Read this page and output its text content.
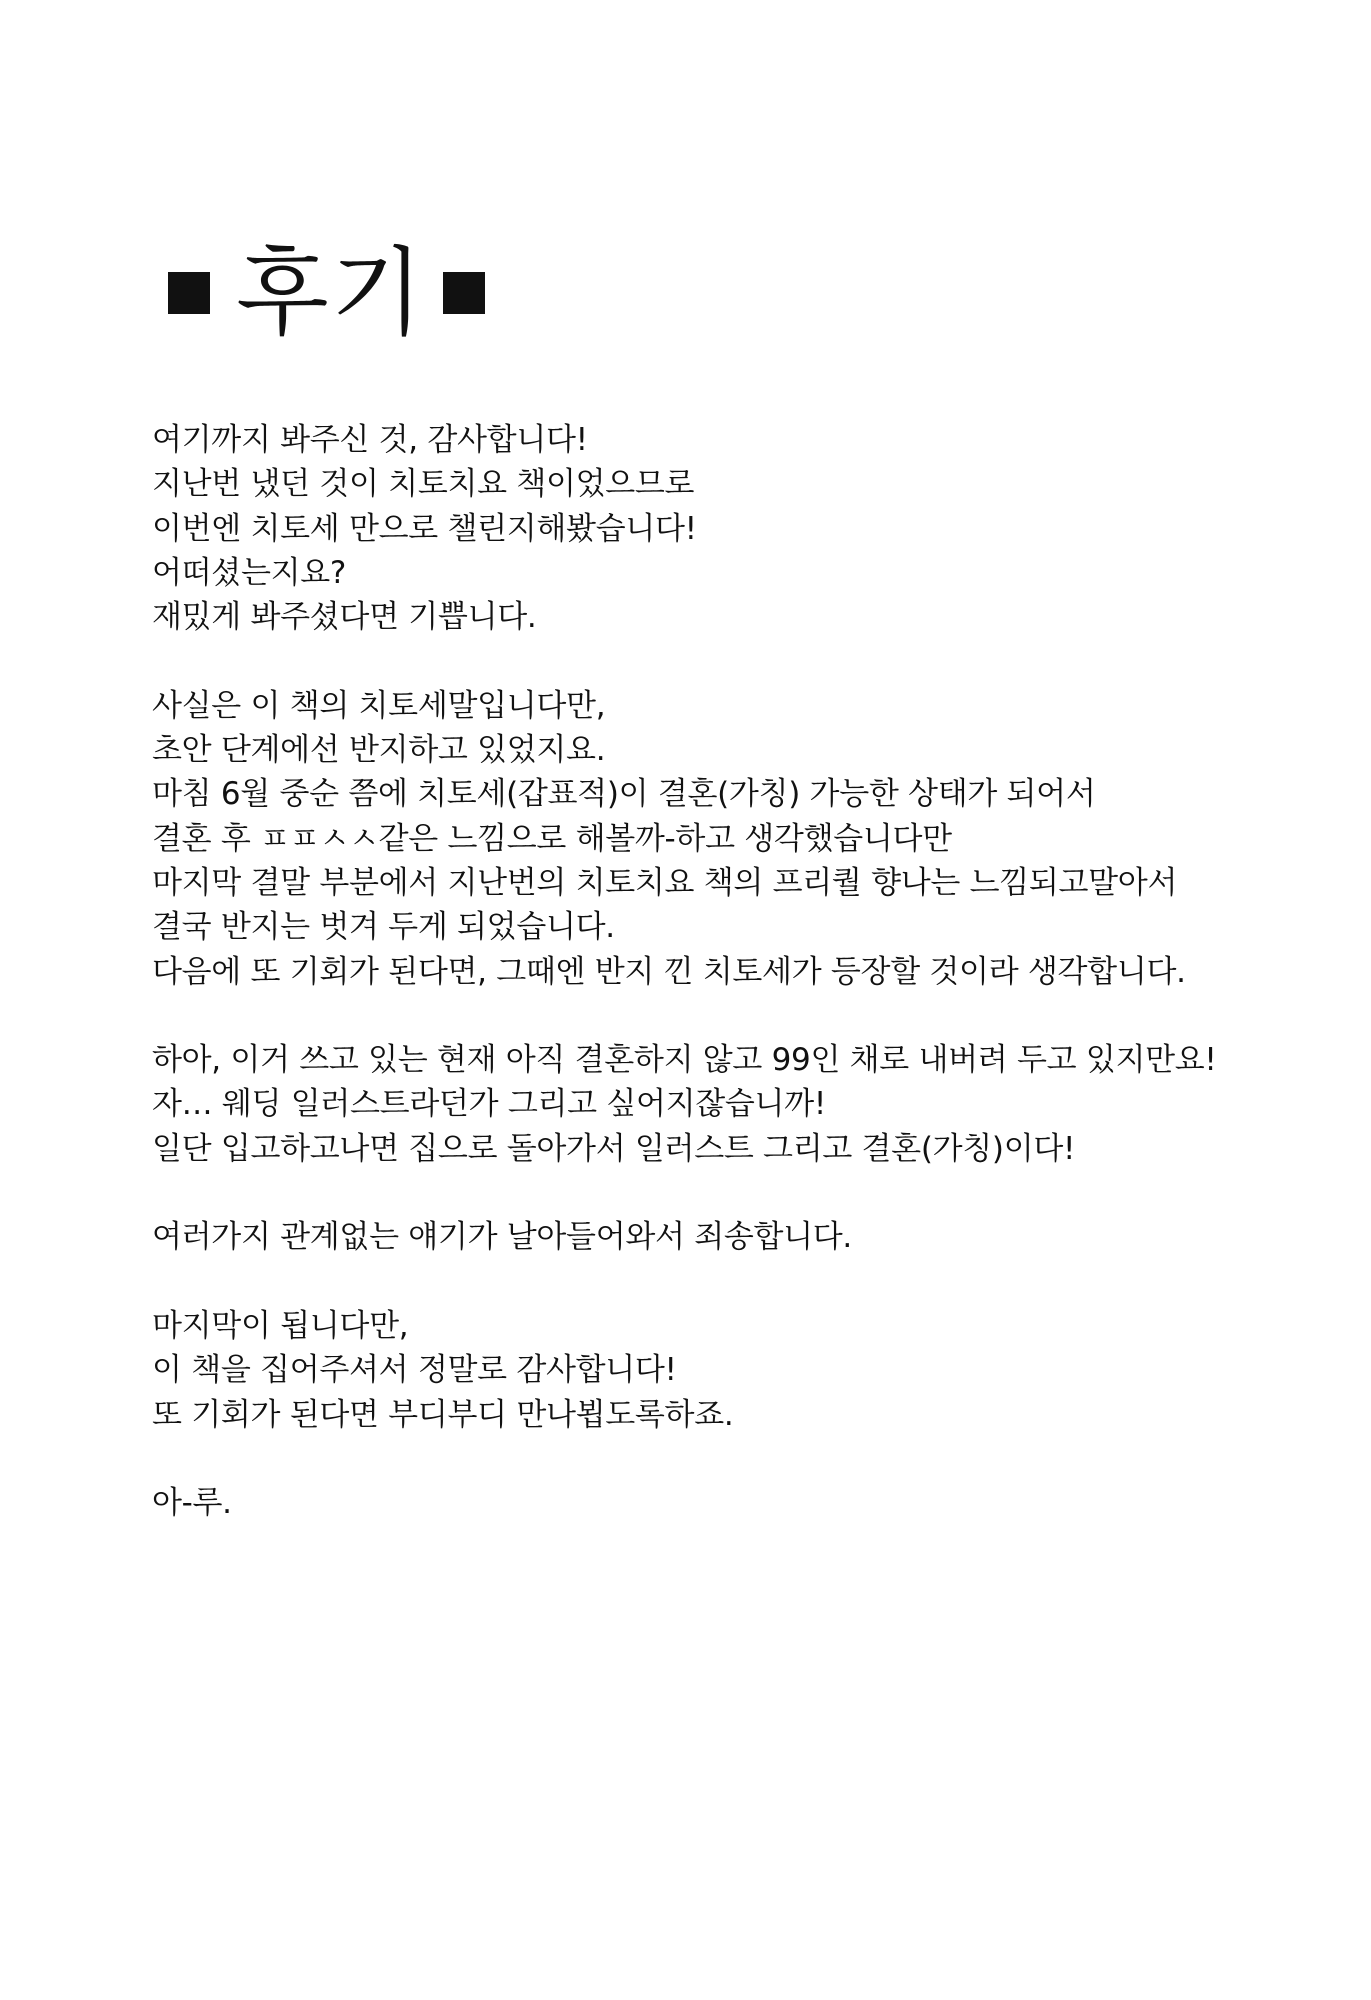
후기
여기까지 봐주신 것, 감사합니다!
지난번 냈던 것이 치토치요 책이었으므로
이번엔 치토세 만으로 챌린지해봤습니다!
어떠셨는지요?
재밌게 봐주셨다면 기쁩니다.
사실은 이 책의 치토세말입니다만,
초안 단계에선 반지하고 있었지요.
마침 6월 중순 쯤에 치토세(갑표적)이 결혼(가칭) 가능한 상태가 되어서
결혼 후 ㅍㅍㅅㅅ같은 느낌으로 해볼까-하고 생각했습니다만
마지막 결말 부분에서 지난번의 치토치요 책의 프리퀄 향나는 느낌되고말아서
결국 반지는 벗겨 두게 되었습니다.
다음에 또 기회가 된다면, 그때엔 반지 낀 치토세가 등장할 것이라 생각합니다.
하아, 이거 쓰고 있는 현재 아직 결혼하지 않고 99인 채로 내버려 두고 있지만요!
자… 웨딩 일러스트라던가 그리고 싶어지잖습니까!
일단 입고하고나면 집으로 돌아가서 일러스트 그리고 결혼(가칭)이다!
여러가지 관계없는 얘기가 날아들어와서 죄송합니다.
마지막이 됩니다만,
이 책을 집어주셔서 정말로 감사합니다!
또 기회가 된다면 부디부디 만나뵙도록하죠.
아-루.
